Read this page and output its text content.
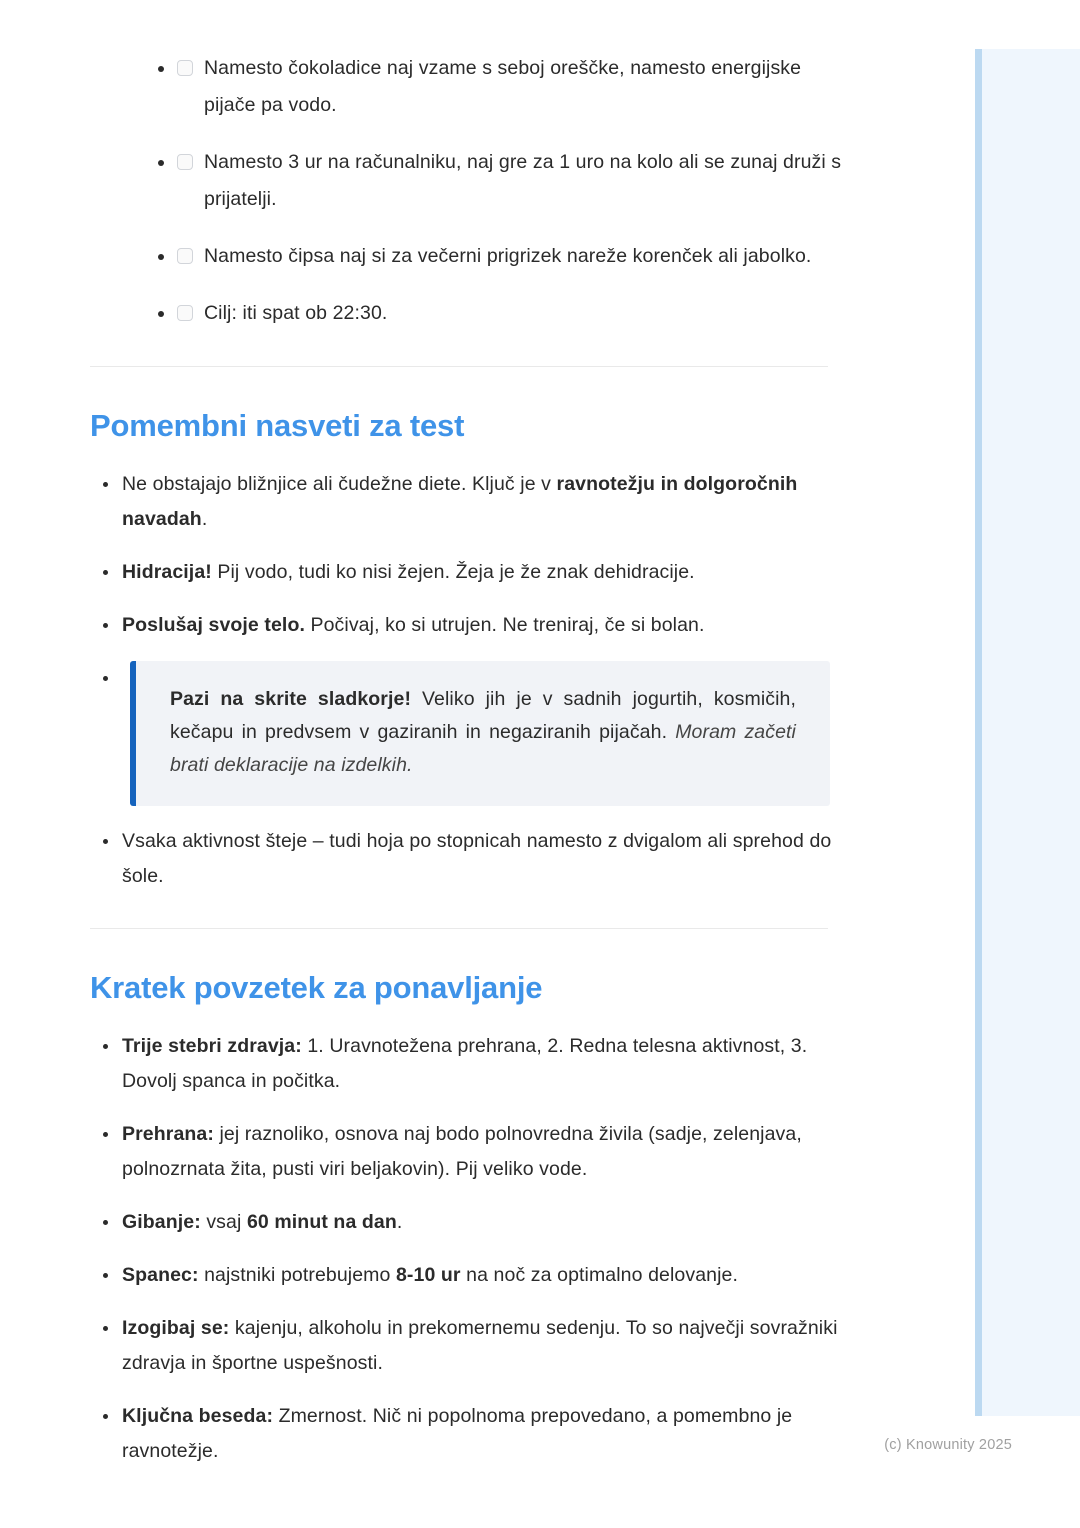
Namesto čokoladice naj vzame s seboj oreščke, namesto energijske pijače pa vodo.
Namesto 3 ur na računalniku, naj gre za 1 uro na kolo ali se zunaj druži s prijatelji.
Namesto čipsa naj si za večerni prigrizek nareže korenček ali jabolko.
Cilj: iti spat ob 22:30.
Pomembni nasveti za test
Ne obstajajo bližnjice ali čudežne diete. Ključ je v ravnotežju in dolgoročnih navadah.
Hidracija! Pij vodo, tudi ko nisi žejen. Žeja je že znak dehidracije.
Poslušaj svoje telo. Počivaj, ko si utrujen. Ne treniraj, če si bolan.

Pazi na skrite sladkorje! Veliko jih je v sadnih jogurtih, kosmičih, kečapu in predvsem v gaziranih in negaziranih pijačah. Moram začeti brati deklaracije na izdelkih.

Vsaka aktivnost šteje – tudi hoja po stopnicah namesto z dvigalom ali sprehod do šole.
Kratek povzetek za ponavljanje
Trije stebri zdravja: 1. Uravnotežena prehrana, 2. Redna telesna aktivnost, 3. Dovolj spanca in počitka.
Prehrana: jej raznoliko, osnova naj bodo polnovredna živila (sadje, zelenjava, polnozrnata žita, pusti viri beljakovin). Pij veliko vode.
Gibanje: vsaj 60 minut na dan.
Spanec: najstniki potrebujemo 8-10 ur na noč za optimalno delovanje.
Izogibaj se: kajenju, alkoholu in prekomernemu sedenju. To so največji sovražniki zdravja in športne uspešnosti.
Ključna beseda: Zmernost. Nič ni popolnoma prepovedano, a pomembno je ravnotežje.	(c) Knowunity 2025
